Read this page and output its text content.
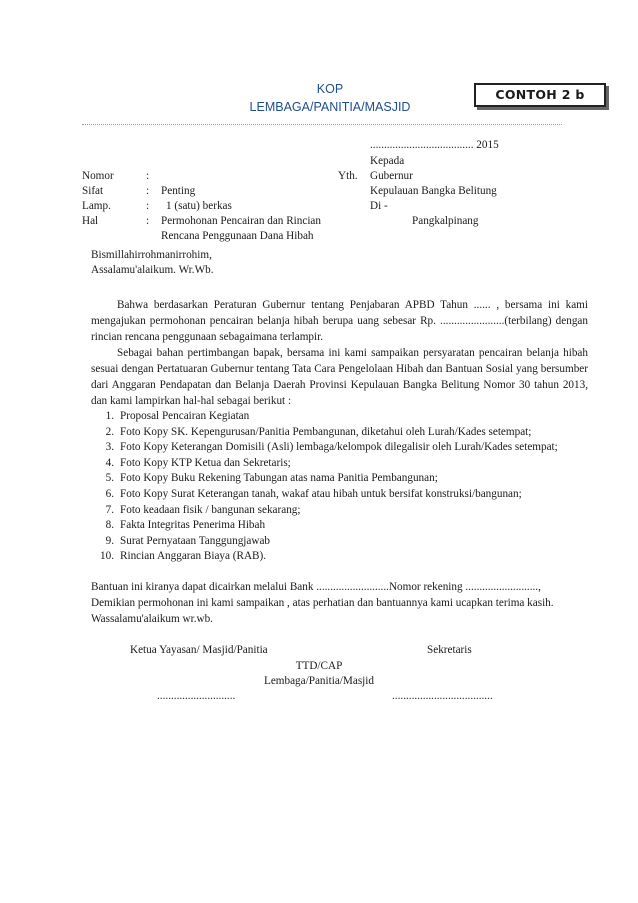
KOP
LEMBAGA/PANITIA/MASJID
CONTOH 2 b
..................................... 2015
Kepada
Yth. Gubernur
Kepulauan Bangka Belitung
Di -
Pangkalpinang
Nomor	:
Sifat	: Penting
Lamp.	: 1 (satu) berkas
Hal	: Permohonan Pencairan dan Rincian
Rencana Penggunaan Dana Hibah
Bismillahirrohmanirrohim,
Assalamu'alaikum. Wr.Wb.
Bahwa berdasarkan Peraturan Gubernur tentang Penjabaran APBD Tahun ...... , bersama ini kami mengajukan permohonan pencairan belanja hibah berupa uang sebesar Rp. .......................(terbilang) dengan rincian rencana penggunaan sebagaimana terlampir.
Sebagai bahan pertimbangan bapak, bersama ini kami sampaikan persyaratan pencairan belanja hibah sesuai dengan Pertatuaran Gubernur tentang Tata Cara Pengelolaan Hibah dan Bantuan Sosial yang bersumber dari Anggaran Pendapatan dan Belanja Daerah Provinsi Kepulauan Bangka Belitung Nomor 30 tahun 2013, dan kami lampirkan hal-hal sebagai berikut :
1. Proposal Pencairan Kegiatan
2. Foto Kopy SK. Kepengurusan/Panitia Pembangunan, diketahui oleh Lurah/Kades setempat;
3. Foto Kopy Keterangan Domisili (Asli) lembaga/kelompok dilegalisir oleh Lurah/Kades setempat;
4. Foto Kopy KTP Ketua dan Sekretaris;
5. Foto Kopy Buku Rekening Tabungan atas nama Panitia Pembangunan;
6. Foto Kopy Surat Keterangan tanah, wakaf atau hibah untuk bersifat konstruksi/bangunan;
7. Foto keadaan fisik / bangunan sekarang;
8. Fakta Integritas Penerima Hibah
9. Surat Pernyataan Tanggungjawab
10. Rincian Anggaran Biaya (RAB).
Bantuan ini kiranya dapat dicairkan melalui Bank ..........................Nomor rekening ..........................,
Demikian permohonan ini kami sampaikan , atas perhatian dan bantuannya kami ucapkan terima kasih.
Wassalamu'alaikum wr.wb.
Ketua Yayasan/ Masjid/Panitia	Sekretaris
TTD/CAP
Lembaga/Panitia/Masjid
............................	....................................
